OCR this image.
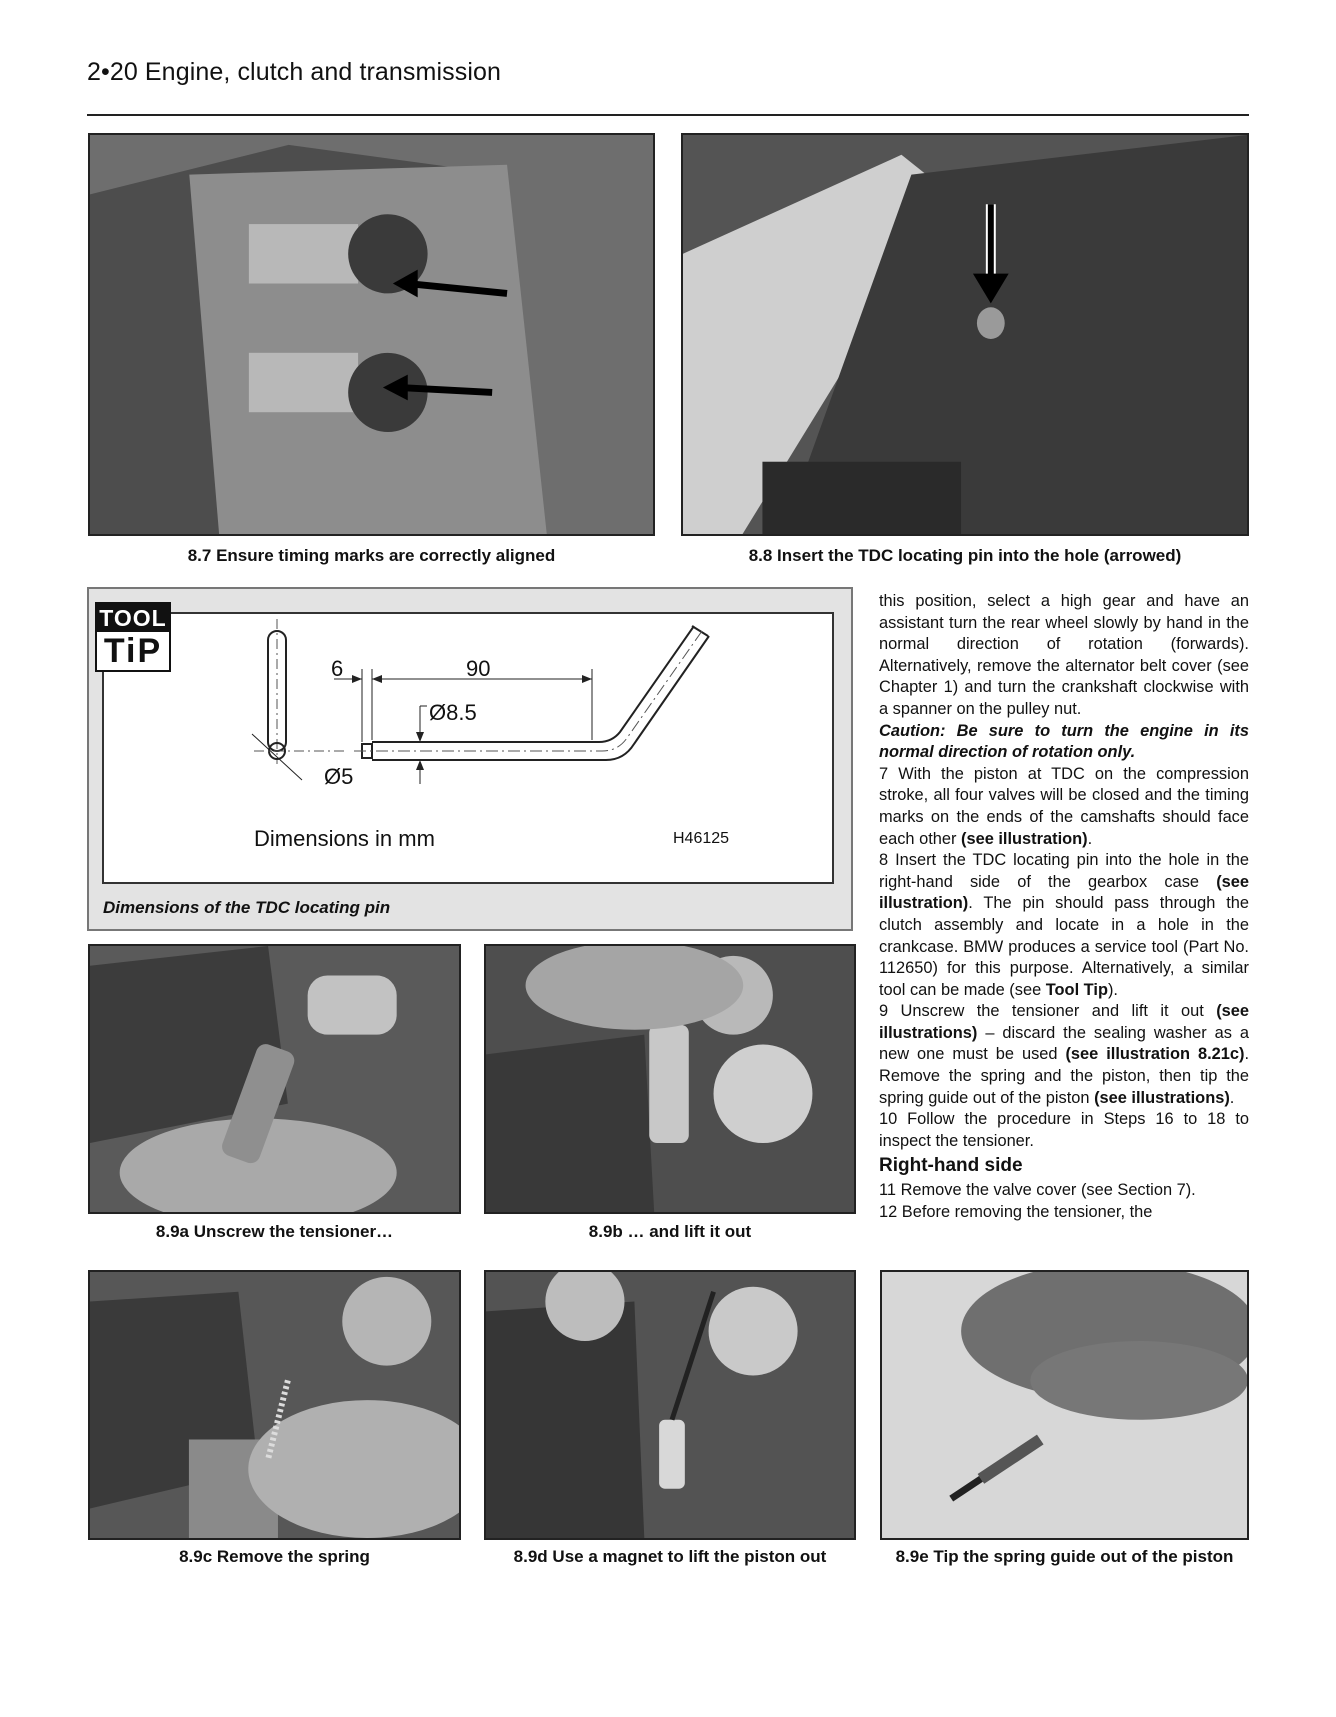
2•20 Engine, clutch and transmission
8.7 Ensure timing marks are correctly aligned	8.8 Insert the TDC locating pin into the hole (arrowed)
6	90
Ø8.5
Ø5
Dimensions in mm	H46125
TOOL
TiP
Dimensions of the TDC locating pin

this position, select a high gear and have an assistant turn the rear wheel slowly by hand in the normal direction of rotation (forwards). Alternatively, remove the alternator belt cover (see Chapter 1) and turn the crankshaft clockwise with a spanner on the pulley nut.

Caution: Be sure to turn the engine in its normal direction of rotation only.

7 With the piston at TDC on the compression stroke, all four valves will be closed and the timing marks on the ends of the camshafts should face each other (see illustration).

8 Insert the TDC locating pin into the hole in the right-hand side of the gearbox case (see illustration). The pin should pass through the clutch assembly and locate in a hole in the crankcase. BMW produces a service tool (Part No. 112650) for this purpose. Alternatively, a similar tool can be made (see Tool Tip).

9 Unscrew the tensioner and lift it out (see illustrations) – discard the sealing washer as a new one must be used (see illustration 8.21c). Remove the spring and the piston, then tip the spring guide out of the piston (see illustrations).

10 Follow the procedure in Steps 16 to 18 to inspect the tensioner.

Right-hand side

11 Remove the valve cover (see Section 7).

12 Before removing the tensioner, the

8.9a Unscrew the tensioner…	8.9b … and lift it out
8.9c Remove the spring	8.9d Use a magnet to lift the piston out	8.9e Tip the spring guide out of the piston
